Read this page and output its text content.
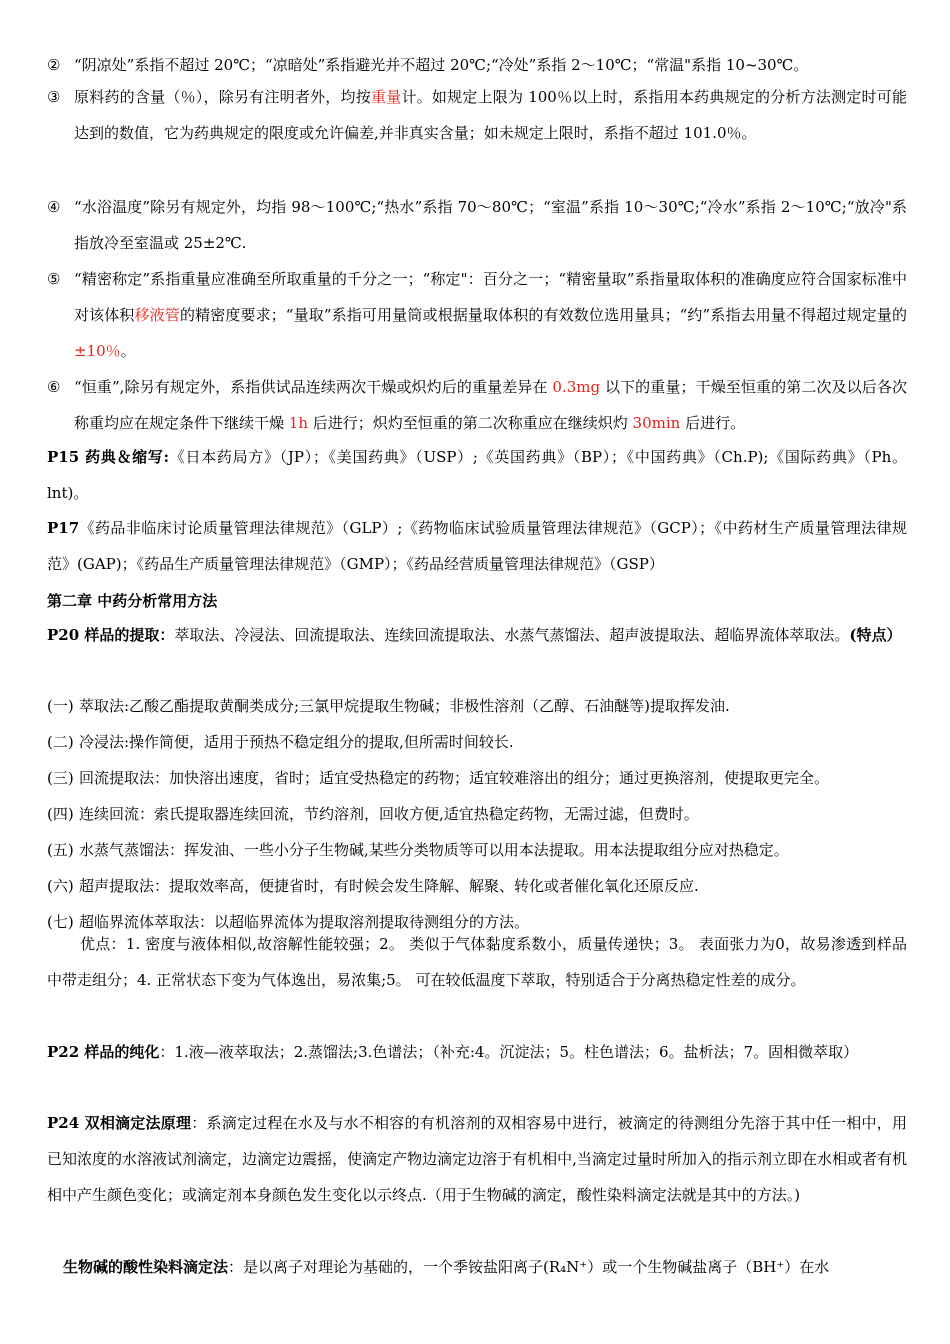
② “阴凉处”系指不超过 20℃；“凉暗处”系指避光并不超过 20℃;“冷处”系指 2～10℃；“常温"系指 10~30℃。
③ 原料药的含量（％），除另有注明者外，均按重量计。如规定上限为 100％以上时，系指用本药典规定的分析方法测定时可能达到的数值，它为药典规定的限度或允许偏差,并非真实含量；如未规定上限时，系指不超过 101.0％。
④ “水浴温度”除另有规定外，均指 98～100℃;“热水”系指 70～80℃；“室温”系指 10～30℃;“冷水”系指 2～10℃;“放冷"系指放冷至室温或 25±2℃.
⑤ “精密称定”系指重量应准确至所取重量的千分之一；“称定"：百分之一；“精密量取”系指量取体积的准确度应符合国家标准中对该体积移液管的精密度要求；“量取”系指可用量筒或根据量取体积的有效数位选用量具；“约”系指去用量不得超过规定量的±10％。
⑥ “恒重”,除另有规定外，系指供试品连续两次干燥或炽灼后的重量差异在 0.3mg 以下的重量；干燥至恒重的第二次及以后各次称重均应在规定条件下继续干燥 1h 后进行；炽灼至恒重的第二次称重应在继续炽灼 30min 后进行。
P15 药典＆缩写:《日本药局方》（JP）；《美国药典》（USP）;《英国药典》（BP）；《中国药典》（Ch.P);《国际药典》（Ph。lnt)。
P17《药品非临床讨论质量管理法律规范》（GLP）;《药物临床试验质量管理法律规范》（GCP）；《中药材生产质量管理法律规范》(GAP)；《药品生产质量管理法律规范》（GMP）；《药品经营质量管理法律规范》（GSP）
第二章 中药分析常用方法
P20 样品的提取：萃取法、冷浸法、回流提取法、连续回流提取法、水蒸气蒸馏法、超声波提取法、超临界流体萃取法。(特点）
(一) 萃取法:乙酸乙酯提取黄酮类成分;三氯甲烷提取生物碱；非极性溶剂（乙醇、石油醚等)提取挥发油.
(二) 冷浸法:操作简便，适用于预热不稳定组分的提取,但所需时间较长.
(三) 回流提取法：加快溶出速度，省时；适宜受热稳定的药物；适宜较难溶出的组分；通过更换溶剂，使提取更完全。
(四) 连续回流：索氏提取器连续回流，节约溶剂，回收方便,适宜热稳定药物，无需过滤，但费时。
(五) 水蒸气蒸馏法：挥发油、一些小分子生物碱,某些分类物质等可以用本法提取。用本法提取组分应对热稳定。
(六) 超声提取法：提取效率高，便捷省时，有时候会发生降解、解聚、转化或者催化氧化还原反应.
(七) 超临界流体萃取法：以超临界流体为提取溶剂提取待测组分的方法。
优点：1. 密度与液体相似,故溶解性能较强；2。 类似于气体黏度系数小，质量传递快；3。 表面张力为0，故易渗透到样品中带走组分；4. 正常状态下变为气体逸出，易浓集;5。 可在较低温度下萃取，特别适合于分离热稳定性差的成分。
P22 样品的纯化：1.液—液萃取法；2.蒸馏法;3.色谱法；（补充:4。沉淀法；5。柱色谱法；6。盐析法；7。固相微萃取）
P24 双相滴定法原理：系滴定过程在水及与水不相容的有机溶剂的双相容易中进行，被滴定的待测组分先溶于其中任一相中，用已知浓度的水溶液试剂滴定，边滴定边震摇，使滴定产物边滴定边溶于有机相中,当滴定过量时所加入的指示剂立即在水相或者有机相中产生颜色变化；或滴定剂本身颜色发生变化以示终点.（用于生物碱的滴定，酸性染料滴定法就是其中的方法。)
生物碱的酸性染料滴定法：是以离子对理论为基础的，一个季铵盐阳离子(R₄N⁺）或一个生物碱盐离子（BH⁺）在水
